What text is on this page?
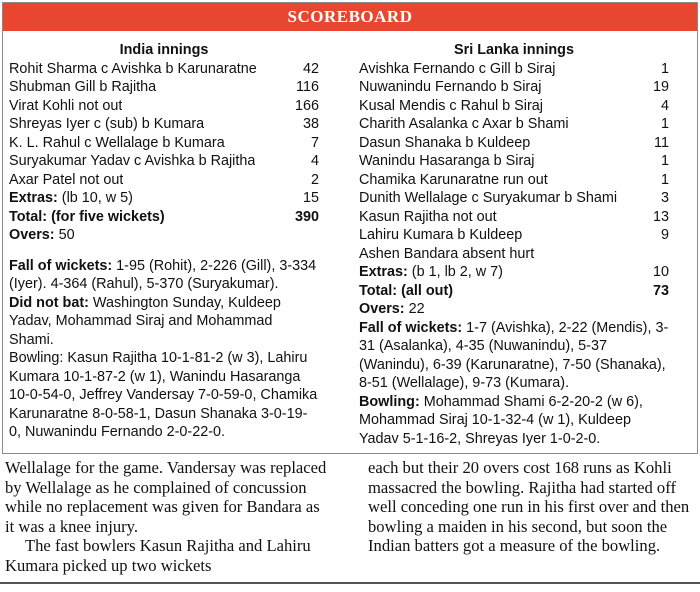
SCOREBOARD
India innings
Rohit Sharma c Avishka b Karunaratne	42
Shubman Gill b Rajitha	116
Virat Kohli not out	166
Shreyas Iyer c (sub) b Kumara	38
K. L. Rahul c Wellalage b Kumara	7
Suryakumar Yadav c Avishka b Rajitha	4
Axar Patel not out	2
Extras: (lb 10, w 5)	15
Total: (for five wickets)	390
Overs: 50
Fall of wickets: 1-95 (Rohit), 2-226 (Gill), 3-334 (Iyer). 4-364 (Rahul), 5-370 (Suryakumar).
Did not bat: Washington Sunday, Kuldeep Yadav, Mohammad Siraj and Mohammad Shami.
Bowling: Kasun Rajitha 10-1-81-2 (w 3), Lahiru Kumara 10-1-87-2 (w 1), Wanindu Hasaranga 10-0-54-0, Jeffrey Vandersay 7-0-59-0, Chamika Karunaratne 8-0-58-1, Dasun Shanaka 3-0-19-0, Nuwanindu Fernando 2-0-22-0.
Sri Lanka innings
Avishka Fernando c Gill b Siraj	1
Nuwanindu Fernando b Siraj	19
Kusal Mendis c Rahul b Siraj	4
Charith Asalanka c Axar b Shami	1
Dasun Shanaka b Kuldeep	11
Wanindu Hasaranga b Siraj	1
Chamika Karunaratne run out	1
Dunith Wellalage c Suryakumar b Shami	3
Kasun Rajitha not out	13
Lahiru Kumara b Kuldeep	9
Ashen Bandara absent hurt
Extras: (b 1, lb 2, w 7)	10
Total: (all out)	73
Overs: 22
Fall of wickets: 1-7 (Avishka), 2-22 (Mendis), 3-31 (Asalanka), 4-35 (Nuwanindu), 5-37 (Wanindu), 6-39 (Karunaratne), 7-50 (Shanaka), 8-51 (Wellalage), 9-73 (Kumara).
Bowling: Mohammad Shami 6-2-20-2 (w 6), Mohammad Siraj 10-1-32-4 (w 1), Kuldeep Yadav 5-1-16-2, Shreyas Iyer 1-0-2-0.

Wellalage for the game. Vandersay was replaced by Wellalage as he complained of concussion while no replacement was given for Bandara as it was a knee injury.

The fast bowlers Kasun Rajitha and Lahiru Kumara picked up two wickets

each but their 20 overs cost 168 runs as Kohli massacred the bowling. Rajitha had started off well conceding one run in his first over and then bowling a maiden in his second, but soon the Indian batters got a measure of the bowling.
